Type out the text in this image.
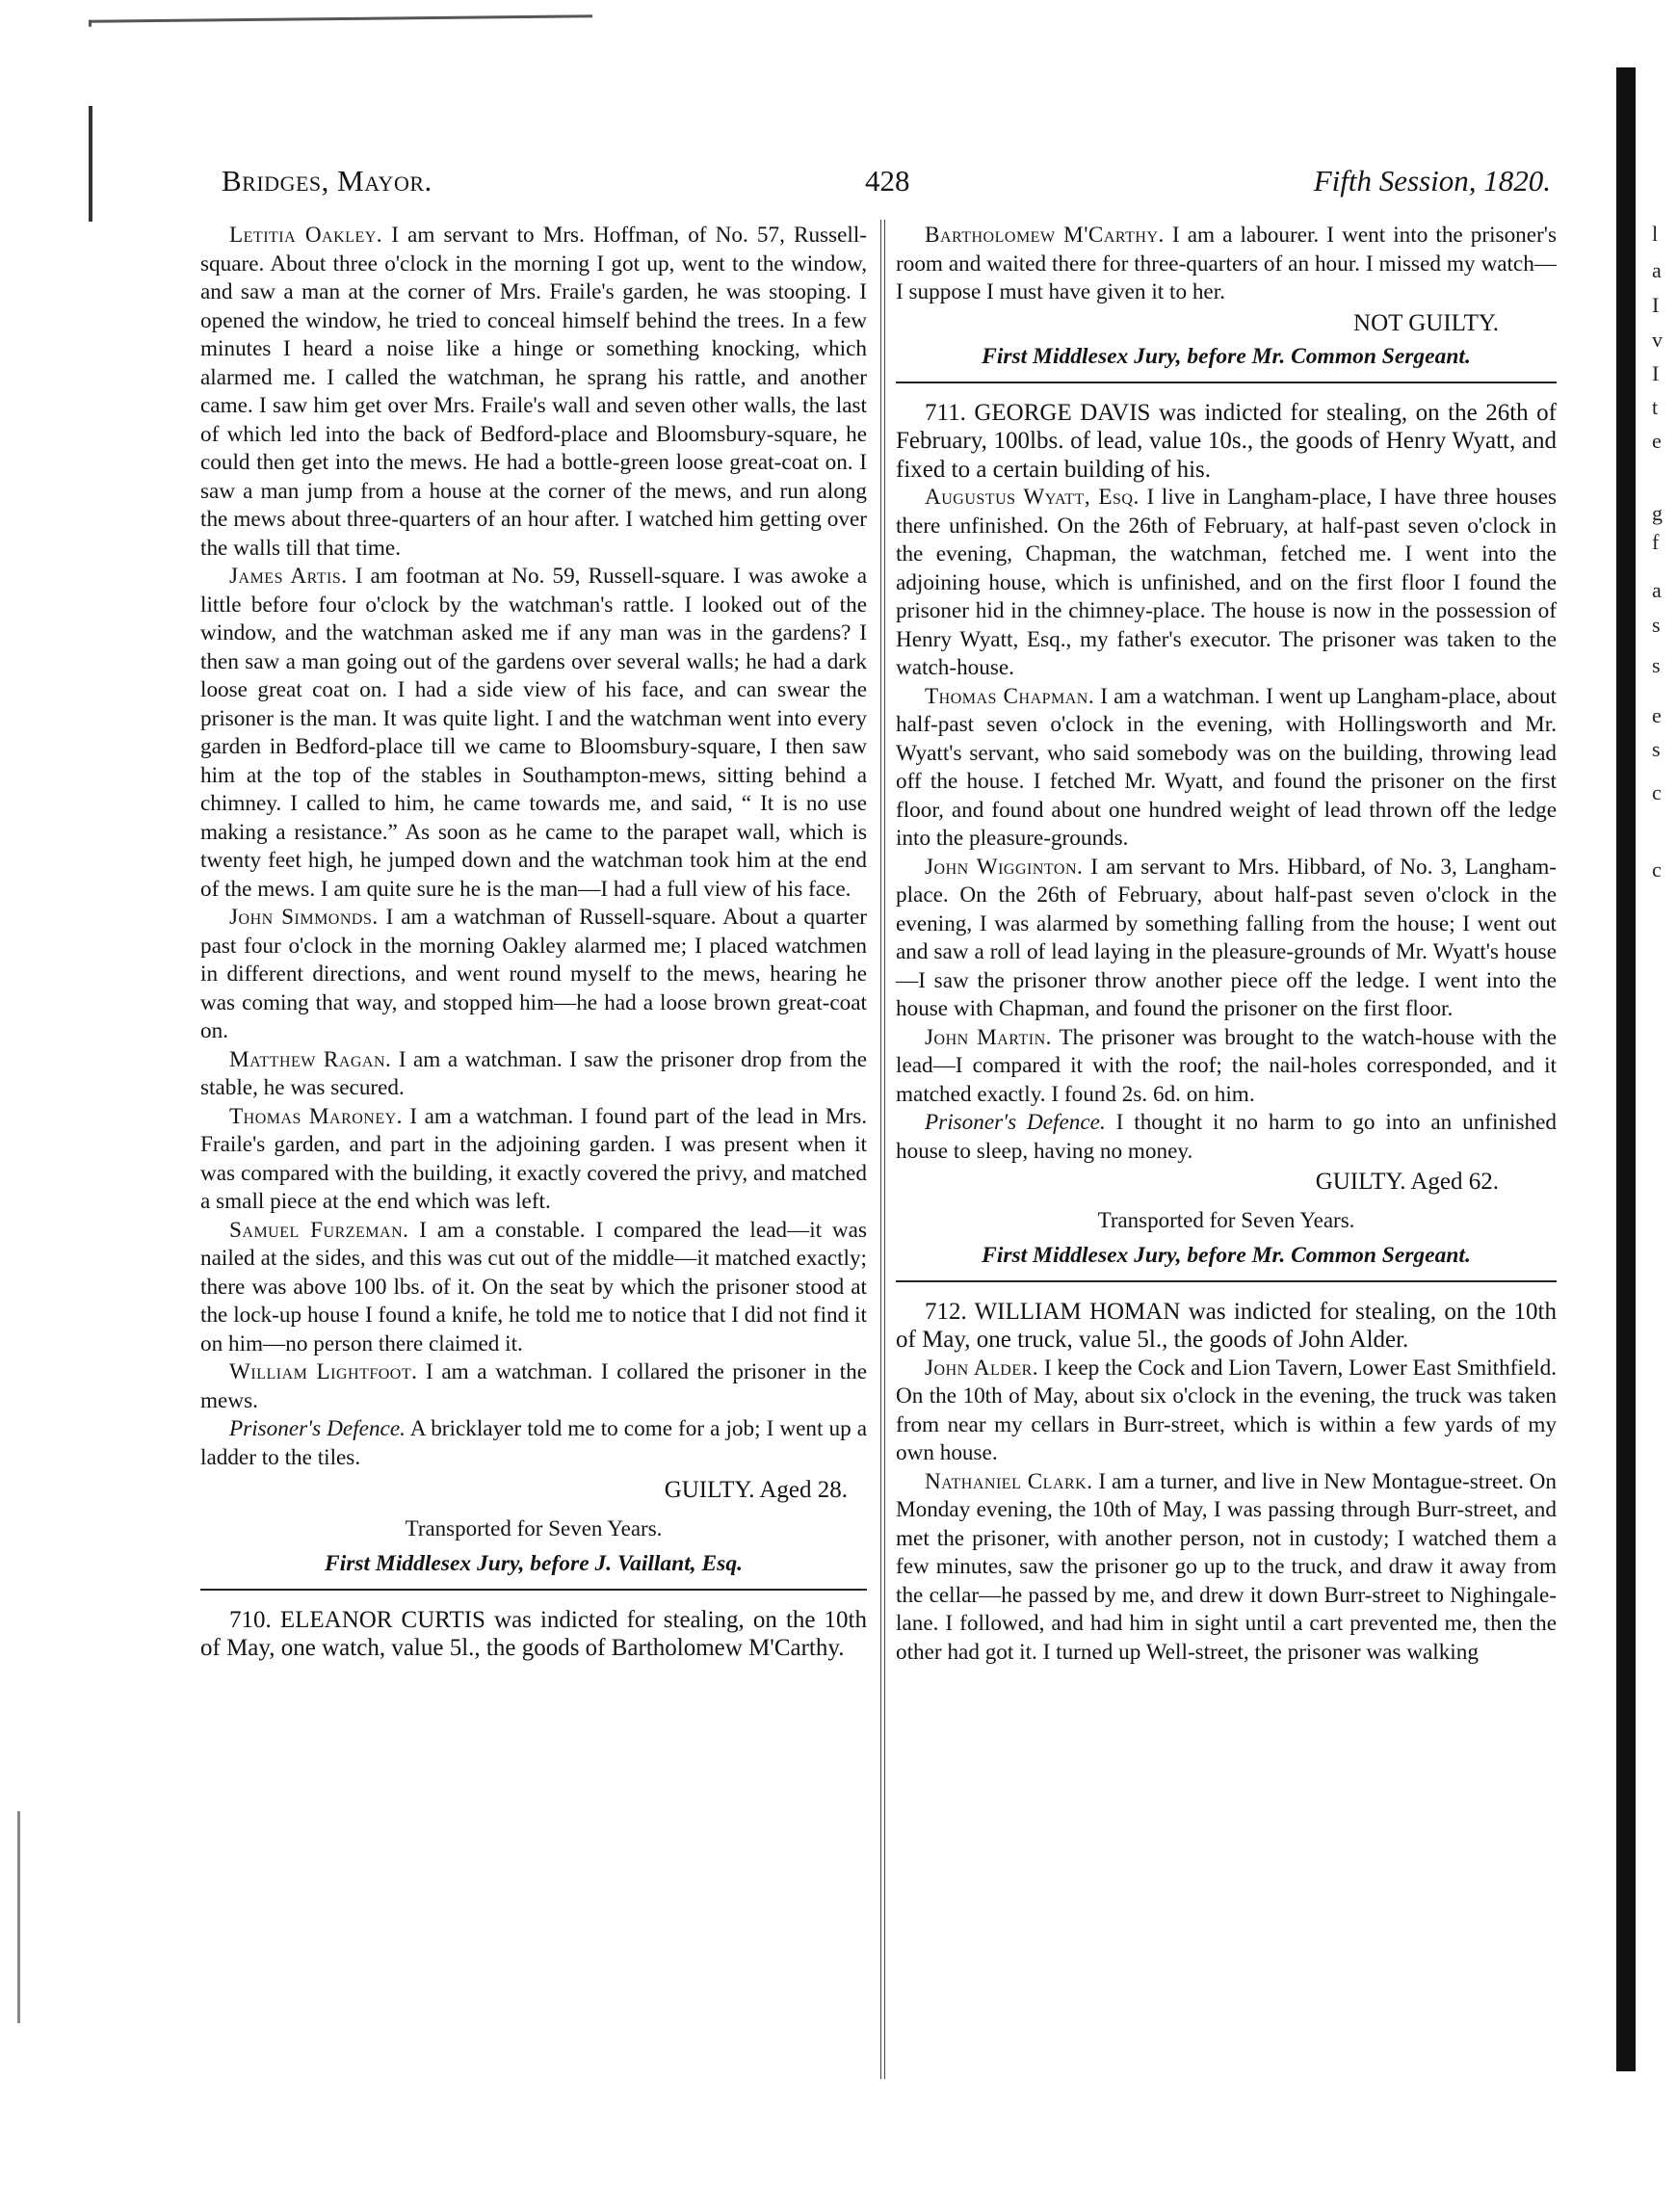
l
a
I
v
I
t
e
g
f
a
s
s
e
s
c
c
Bridges, Mayor.	428	Fifth Session, 1820.

Letitia Oakley. I am servant to Mrs. Hoffman, of No. 57, Russell-square. About three o'clock in the morning I got up, went to the window, and saw a man at the corner of Mrs. Fraile's garden, he was stooping. I opened the window, he tried to conceal himself behind the trees. In a few minutes I heard a noise like a hinge or something knocking, which alarmed me. I called the watchman, he sprang his rattle, and another came. I saw him get over Mrs. Fraile's wall and seven other walls, the last of which led into the back of Bedford-place and Bloomsbury-square, he could then get into the mews. He had a bottle-green loose great-coat on. I saw a man jump from a house at the corner of the mews, and run along the mews about three-quarters of an hour after. I watched him getting over the walls till that time.

James Artis. I am footman at No. 59, Russell-square. I was awoke a little before four o'clock by the watchman's rattle. I looked out of the window, and the watchman asked me if any man was in the gardens? I then saw a man going out of the gardens over several walls; he had a dark loose great coat on. I had a side view of his face, and can swear the prisoner is the man. It was quite light. I and the watchman went into every garden in Bedford-place till we came to Bloomsbury-square, I then saw him at the top of the stables in Southampton-mews, sitting behind a chimney. I called to him, he came towards me, and said, “ It is no use making a resistance.” As soon as he came to the parapet wall, which is twenty feet high, he jumped down and the watchman took him at the end of the mews. I am quite sure he is the man—I had a full view of his face.

John Simmonds. I am a watchman of Russell-square. About a quarter past four o'clock in the morning Oakley alarmed me; I placed watchmen in different directions, and went round myself to the mews, hearing he was coming that way, and stopped him—he had a loose brown great-coat on.

Matthew Ragan. I am a watchman. I saw the prisoner drop from the stable, he was secured.

Thomas Maroney. I am a watchman. I found part of the lead in Mrs. Fraile's garden, and part in the adjoining garden. I was present when it was compared with the building, it exactly covered the privy, and matched a small piece at the end which was left.

Samuel Furzeman. I am a constable. I compared the lead—it was nailed at the sides, and this was cut out of the middle—it matched exactly; there was above 100 lbs. of it. On the seat by which the prisoner stood at the lock-up house I found a knife, he told me to notice that I did not find it on him—no person there claimed it.

William Lightfoot. I am a watchman. I collared the prisoner in the mews.

Prisoner's Defence. A bricklayer told me to come for a job; I went up a ladder to the tiles.

GUILTY. Aged 28.

Transported for Seven Years.

First Middlesex Jury, before J. Vaillant, Esq.

710. ELEANOR CURTIS was indicted for stealing, on the 10th of May, one watch, value 5l., the goods of Bartholomew M'Carthy.

Bartholomew M'Carthy. I am a labourer. I went into the prisoner's room and waited there for three-quarters of an hour. I missed my watch—I suppose I must have given it to her.

NOT GUILTY.

First Middlesex Jury, before Mr. Common Sergeant.

711. GEORGE DAVIS was indicted for stealing, on the 26th of February, 100lbs. of lead, value 10s., the goods of Henry Wyatt, and fixed to a certain building of his.

Augustus Wyatt, Esq. I live in Langham-place, I have three houses there unfinished. On the 26th of February, at half-past seven o'clock in the evening, Chapman, the watchman, fetched me. I went into the adjoining house, which is unfinished, and on the first floor I found the prisoner hid in the chimney-place. The house is now in the possession of Henry Wyatt, Esq., my father's executor. The prisoner was taken to the watch-house.

Thomas Chapman. I am a watchman. I went up Langham-place, about half-past seven o'clock in the evening, with Hollingsworth and Mr. Wyatt's servant, who said somebody was on the building, throwing lead off the house. I fetched Mr. Wyatt, and found the prisoner on the first floor, and found about one hundred weight of lead thrown off the ledge into the pleasure-grounds.

John Wigginton. I am servant to Mrs. Hibbard, of No. 3, Langham-place. On the 26th of February, about half-past seven o'clock in the evening, I was alarmed by something falling from the house; I went out and saw a roll of lead laying in the pleasure-grounds of Mr. Wyatt's house—I saw the prisoner throw another piece off the ledge. I went into the house with Chapman, and found the prisoner on the first floor.

John Martin. The prisoner was brought to the watch-house with the lead—I compared it with the roof; the nail-holes corresponded, and it matched exactly. I found 2s. 6d. on him.

Prisoner's Defence. I thought it no harm to go into an unfinished house to sleep, having no money.

GUILTY. Aged 62.

Transported for Seven Years.

First Middlesex Jury, before Mr. Common Sergeant.

712. WILLIAM HOMAN was indicted for stealing, on the 10th of May, one truck, value 5l., the goods of John Alder.

John Alder. I keep the Cock and Lion Tavern, Lower East Smithfield. On the 10th of May, about six o'clock in the evening, the truck was taken from near my cellars in Burr-street, which is within a few yards of my own house.

Nathaniel Clark. I am a turner, and live in New Montague-street. On Monday evening, the 10th of May, I was passing through Burr-street, and met the prisoner, with another person, not in custody; I watched them a few minutes, saw the prisoner go up to the truck, and draw it away from the cellar—he passed by me, and drew it down Burr-street to Nighingale-lane. I followed, and had him in sight until a cart prevented me, then the other had got it. I turned up Well-street, the prisoner was walking
